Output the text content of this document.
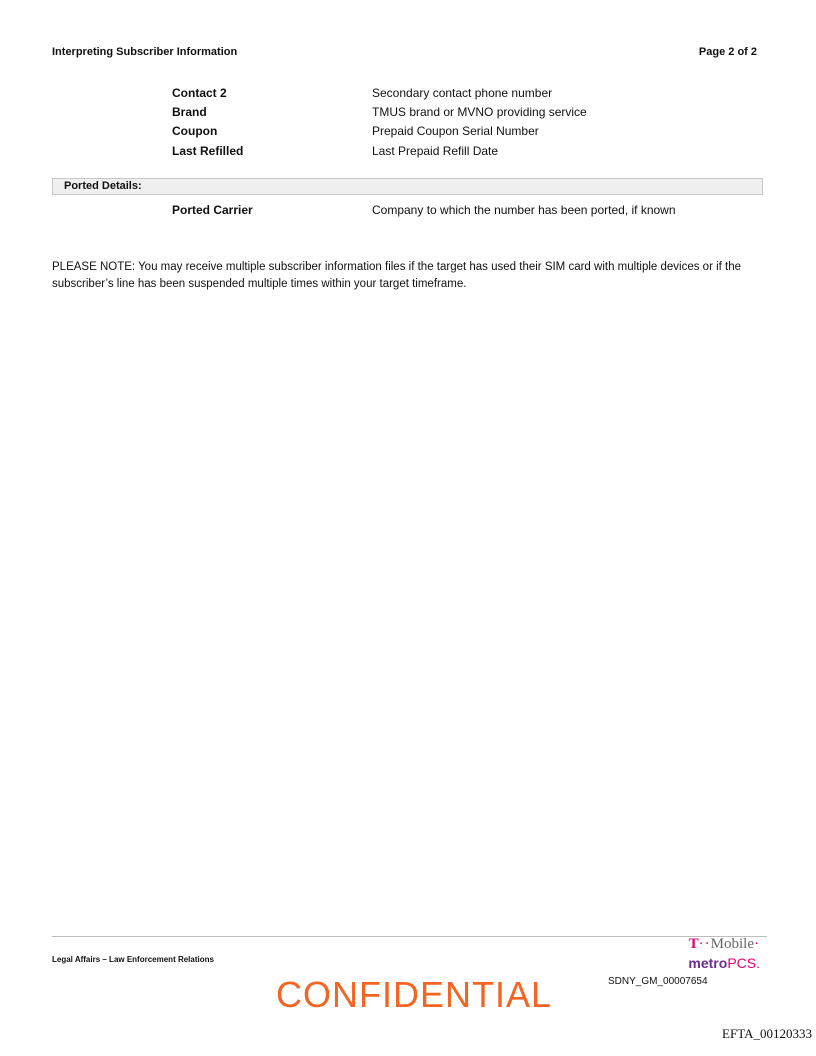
Interpreting Subscriber Information	Page 2 of 2
Contact 2	Secondary contact phone number
Brand	TMUS brand or MVNO providing service
Coupon	Prepaid Coupon Serial Number
Last Refilled	Last Prepaid Refill Date
Ported Details:
Ported Carrier	Company to which the number has been ported, if known
PLEASE NOTE: You may receive multiple subscriber information files if the target has used their SIM card with multiple devices or if the subscriber’s line has been suspended multiple times within your target timeframe.
Legal Affairs – Law Enforcement Relations
T··Mobile·
metroPCS.
SDNY_GM_00007654
CONFIDENTIAL
EFTA_00120333
